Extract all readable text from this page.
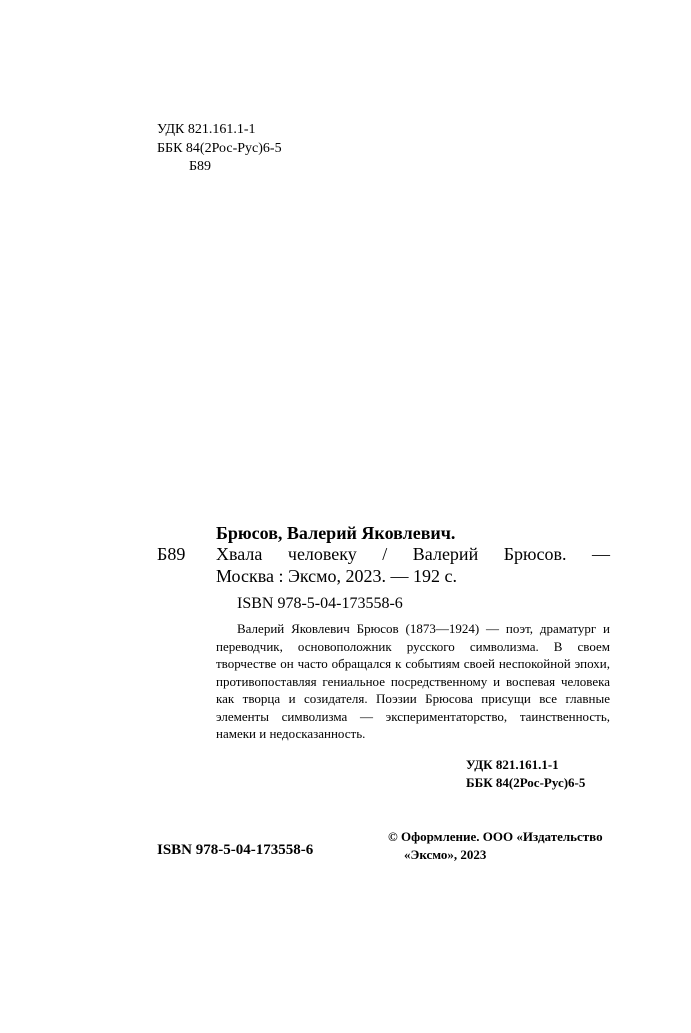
УДК 821.161.1-1
ББК 84(2Рос-Рус)6-5
Б89
Брюсов, Валерий Яковлевич.
Б89 Хвала человеку / Валерий Брюсов. —
Москва : Эксмо, 2023. — 192 с.
ISBN 978-5-04-173558-6
Валерий Яковлевич Брюсов (1873—1924) — поэт, драматург и переводчик, основоположник русского символизма. В своем творчестве он часто обращался к событиям своей неспокойной эпохи, противопоставляя гениальное посредственному и воспевая человека как творца и созидателя. Поэзии Брюсова присущи все главные элементы символизма — экспериментаторство, таинственность, намеки и недосказанность.
УДК 821.161.1-1
ББК 84(2Рос-Рус)6-5
ISBN 978-5-04-173558-6
© Оформление. ООО «Издательство
«Эксмо», 2023
